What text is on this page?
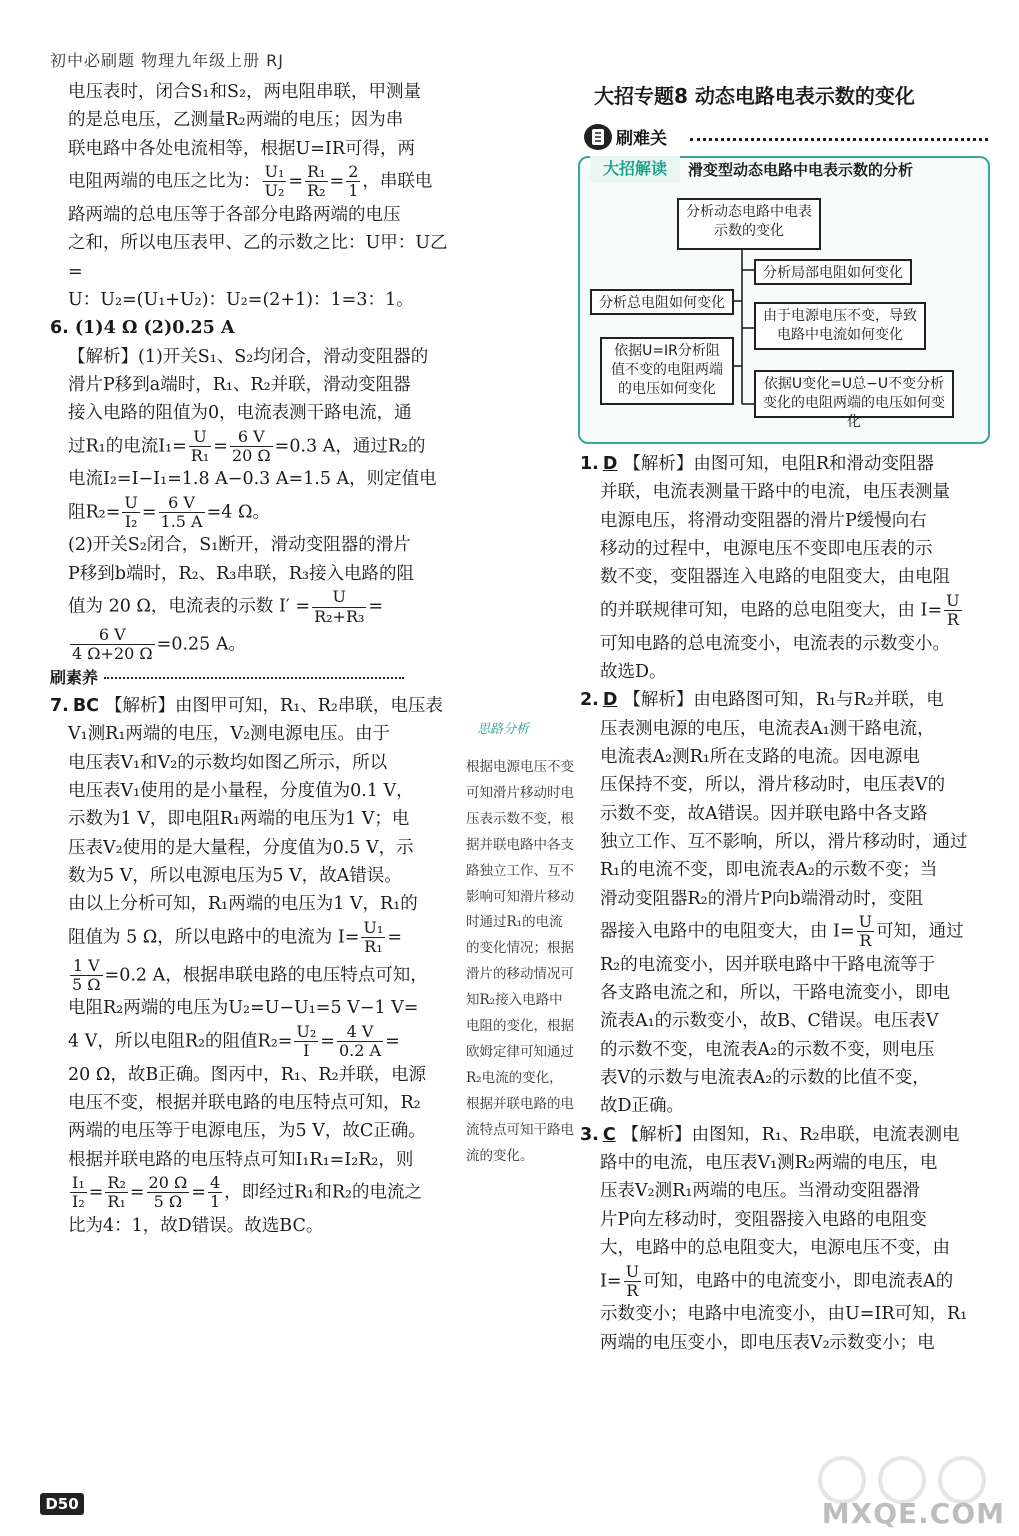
初中必刷题 物理九年级上册 RJ

电压表时，闭合S₁和S₂，两电阻串联，甲测量

的是总电压，乙测量R₂两端的电压；因为串

联电路中各处电流相等，根据U=IR可得，两

电阻两端的电压之比为： $\frac{\text{U₁}}{\text{U₂}} = \frac{\text{R₁}}{\text{R₂}} = \frac{2}{1}$ ，串联电

路两端的总电压等于各部分电路两端的电压

之和，所以电压表甲、乙的示数之比：U甲：U乙 =

U：U₂=(U₁+U₂)：U₂=(2+1)：1=3：1。

6. (1)4 Ω (2)0.25 A

【解析】(1)开关S₁、S₂均闭合，滑动变阻器的

滑片P移到a端时，R₁、R₂并联，滑动变阻器

接入电路的阻值为0，电流表测干路电流，通

过R₁的电流$I_1= \frac{U}{\text{R₁}} = \frac{6 V}{20 \Omega} =0.3$ A，通过R₂的

电流I₂=I−I₁=1.8 A−0.3 A=1.5 A，则定值电

阻$R_2= \frac{U}{\text{I₂}} = \frac{6 V}{1.5 A} =4$ Ω。

(2)开关S₂闭合，S₁断开，滑动变阻器的滑片

P移到b端时，R₂、R₃串联，R₃接入电路的阻

值为 20 Ω，电流表的示数 $I' = \frac{U}{\text{R₂+R₃}}$ =

$\frac{6 V}{4 \Omega+20 \Omega} =0.25$ A。

刷素养

7. BC 【解析】由图甲可知，R₁、R₂串联，电压表

V₁测R₁两端的电压，V₂测电源电压。由于

电压表V₁和V₂的示数均如图乙所示，所以

电压表V₁使用的是小量程，分度值为0.1 V，

示数为1 V，即电阻R₁两端的电压为1 V；电

压表V₂使用的是大量程，分度值为0.5 V，示

数为5 V，所以电源电压为5 V，故A错误。

由以上分析可知，R₁两端的电压为1 V，R₁的

阻值为 5 Ω，所以电路中的电流为 $I= \frac{\text{U₁}}{\text{R₁}}$ =

$\frac{1 V}{5 \Omega} =0.2$ A，根据串联电路的电压特点可知，

电阻R₂两端的电压为U₂=U−U₁=5 V−1 V=

4 V，所以电阻R₂的阻值$R_2= \frac{\text{U₂}}{I} = \frac{4 V}{0.2 A}$ =

20 Ω，故B正确。图丙中，R₁、R₂并联，电源

电压不变，根据并联电路的电压特点可知，R₂

两端的电压等于电源电压，为5 V，故C正确。

根据并联电路的电压特点可知I₁R₁=I₂R₂，则

$\frac{\text{I₁}}{\text{I₂}} = \frac{\text{R₂}}{\text{R₁}} = \frac{20 \Omega}{5 \Omega} = \frac{4}{1}$ ，即经过R₁和R₂的电流之

比为4：1，故D错误。故选BC。

思路分析
根据电源电压不变可知滑片移动时电压表示数不变，根据并联电路中各支路独立工作、互不影响可知滑片移动时通过R₁的电流的变化情况；根据滑片的移动情况可知R₂接入电路中电阻的变化，根据欧姆定律可知通过R₂电流的变化，根据并联电路的电流特点可知干路电流的变化。
大招专题8 动态电路电表示数的变化
刷难关
大招解读	滑变型动态电路中电表示数的分析
分析动态电路中电表示数的变化
分析局部电阻如何变化
分析总电阻如何变化
由于电源电压不变，导致电路中电流如何变化
依据U=IR分析阻值不变的电阻两端的电压如何变化	依据U变化=U总−U不变分析变化的电阻两端的电压如何变化

1. D 【解析】由图可知，电阻R和滑动变阻器

并联，电流表测量干路中的电流，电压表测量

电源电压，将滑动变阻器的滑片P缓慢向右

移动的过程中，电源电压不变即电压表的示

数不变，变阻器连入电路的电阻变大，由电阻

的并联规律可知，电路的总电阻变大，由 $I= \frac{U}{R}$

可知电路的总电流变小，电流表的示数变小。

故选D。

2. D 【解析】由电路图可知，R₁与R₂并联，电

压表测电源的电压，电流表A₁测干路电流，

电流表A₂测R₁所在支路的电流。因电源电

压保持不变，所以，滑片移动时，电压表V的

示数不变，故A错误。因并联电路中各支路

独立工作、互不影响，所以，滑片移动时，通过

R₁的电流不变，即电流表A₂的示数不变；当

滑动变阻器R₂的滑片P向b端滑动时，变阻

器接入电路中的电阻变大，由 $I= \frac{U}{R}$ 可知，通过

R₂的电流变小，因并联电路中干路电流等于

各支路电流之和，所以，干路电流变小，即电

流表A₁的示数变小，故B、C错误。电压表V

的示数不变，电流表A₂的示数不变，则电压

表V的示数与电流表A₂的示数的比值不变，

故D正确。

3. C 【解析】由图知，R₁、R₂串联，电流表测电

路中的电流，电压表V₁测R₂两端的电压，电

压表V₂测R₁两端的电压。当滑动变阻器滑

片P向左移动时，变阻器接入电路的电阻变

大，电路中的总电阻变大，电源电压不变，由

$I= \frac{U}{R}$ 可知，电路中的电流变小，即电流表A的

示数变小；电路中电流变小，由U=IR可知，R₁

两端的电压变小，即电压表V₂示数变小；电

D50	MXQE.COM
